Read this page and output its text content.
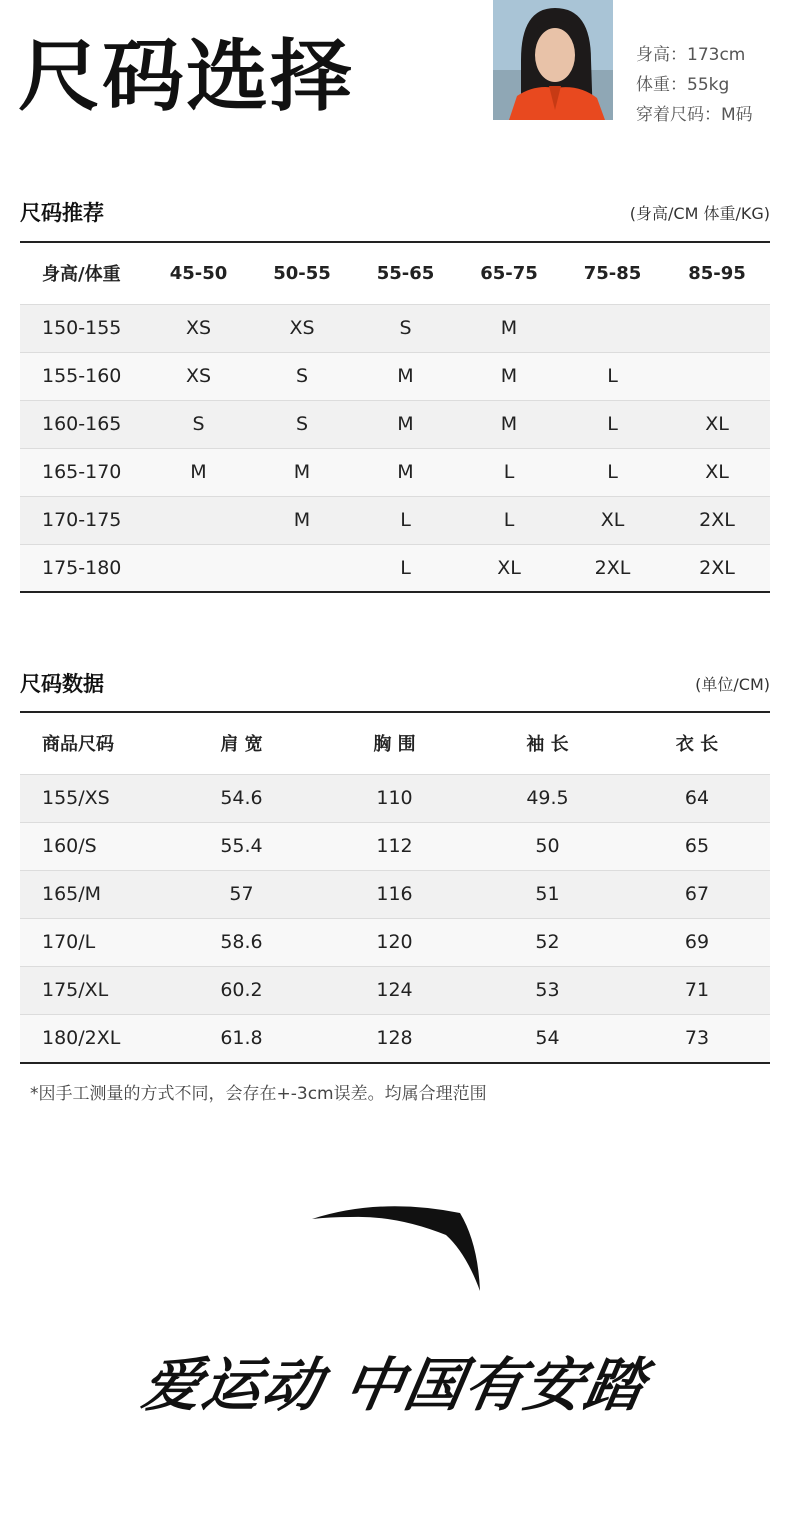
尺码选择	身高：173cm
体重：55kg
穿着尺码：M码
尺码推荐	(身高/CM 体重/KG)
身高/体重	45-50	50-55	55-65	65-75	75-85	85-95
150-155	XS	XS	S	M		
155-160	XS	S	M	M	L	
160-165	S	S	M	M	L	XL
165-170	M	M	M	L	L	XL
170-175		M	L	L	XL	2XL
175-180			L	XL	2XL	2XL
尺码数据	(单位/CM)
商品尺码	肩 宽	胸 围	袖 长	衣 长
155/XS	54.6	110	49.5	64
160/S	55.4	112	50	65
165/M	57	116	51	67
170/L	58.6	120	52	69
175/XL	60.2	124	53	71
180/2XL	61.8	128	54	73
*因手工测量的方式不同，会存在+-3cm误差。均属合理范围
爱运动 中国有安踏
